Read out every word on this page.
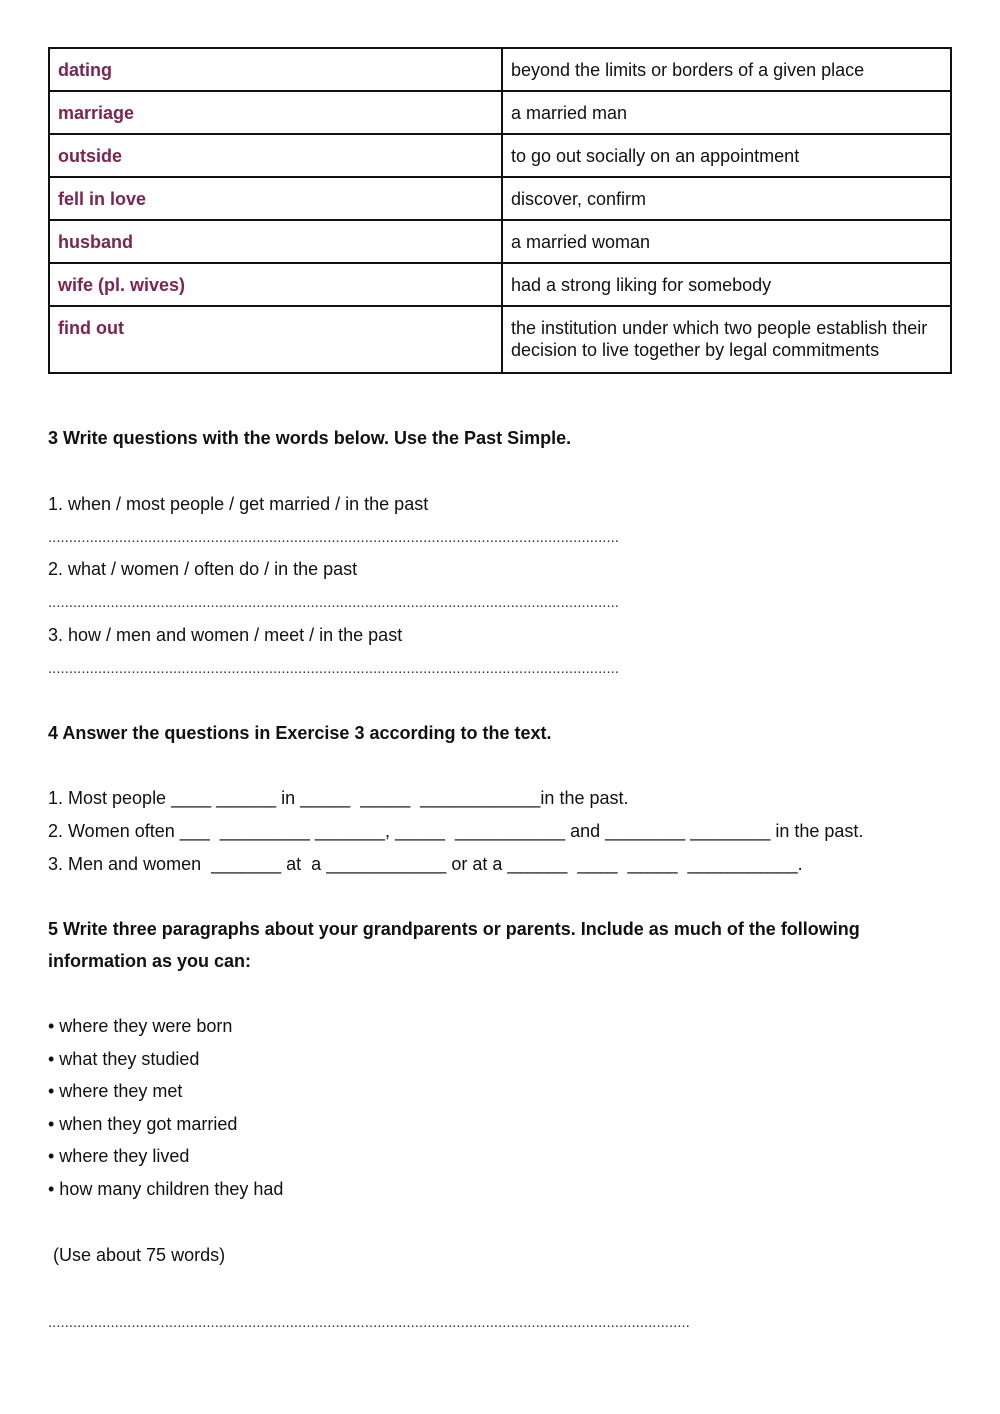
dating	beyond the limits or borders of a given place
marriage	a married man
outside	to go out socially on an appointment
fell in love	discover, confirm
husband	a married woman
wife (pl. wives)	had a strong liking for somebody
find out	the institution under which two people establish their decision to live together by legal commitments
3 Write questions with the words below. Use the Past Simple.
1. when / most people / get married / in the past
.........................................................................................................................................
2. what / women / often do / in the past
.........................................................................................................................................
3. how / men and women / meet / in the past
.........................................................................................................................................
4 Answer the questions in Exercise 3 according to the text.
1. Most people ____ ______ in _____  _____  ____________in the past.
2. Women often ___  _________ _______, _____  ___________ and ________ ________ in the past.
3. Men and women  _______ at  a ____________ or at a ______  ____  _____  ___________.
5 Write three paragraphs about your grandparents or parents. Include as much of the following
information as you can:
• where they were born
• what they studied
• where they met
• when they got married
• where they lived
• how many children they had
(Use about 75 words)
..........................................................................................................................................................
